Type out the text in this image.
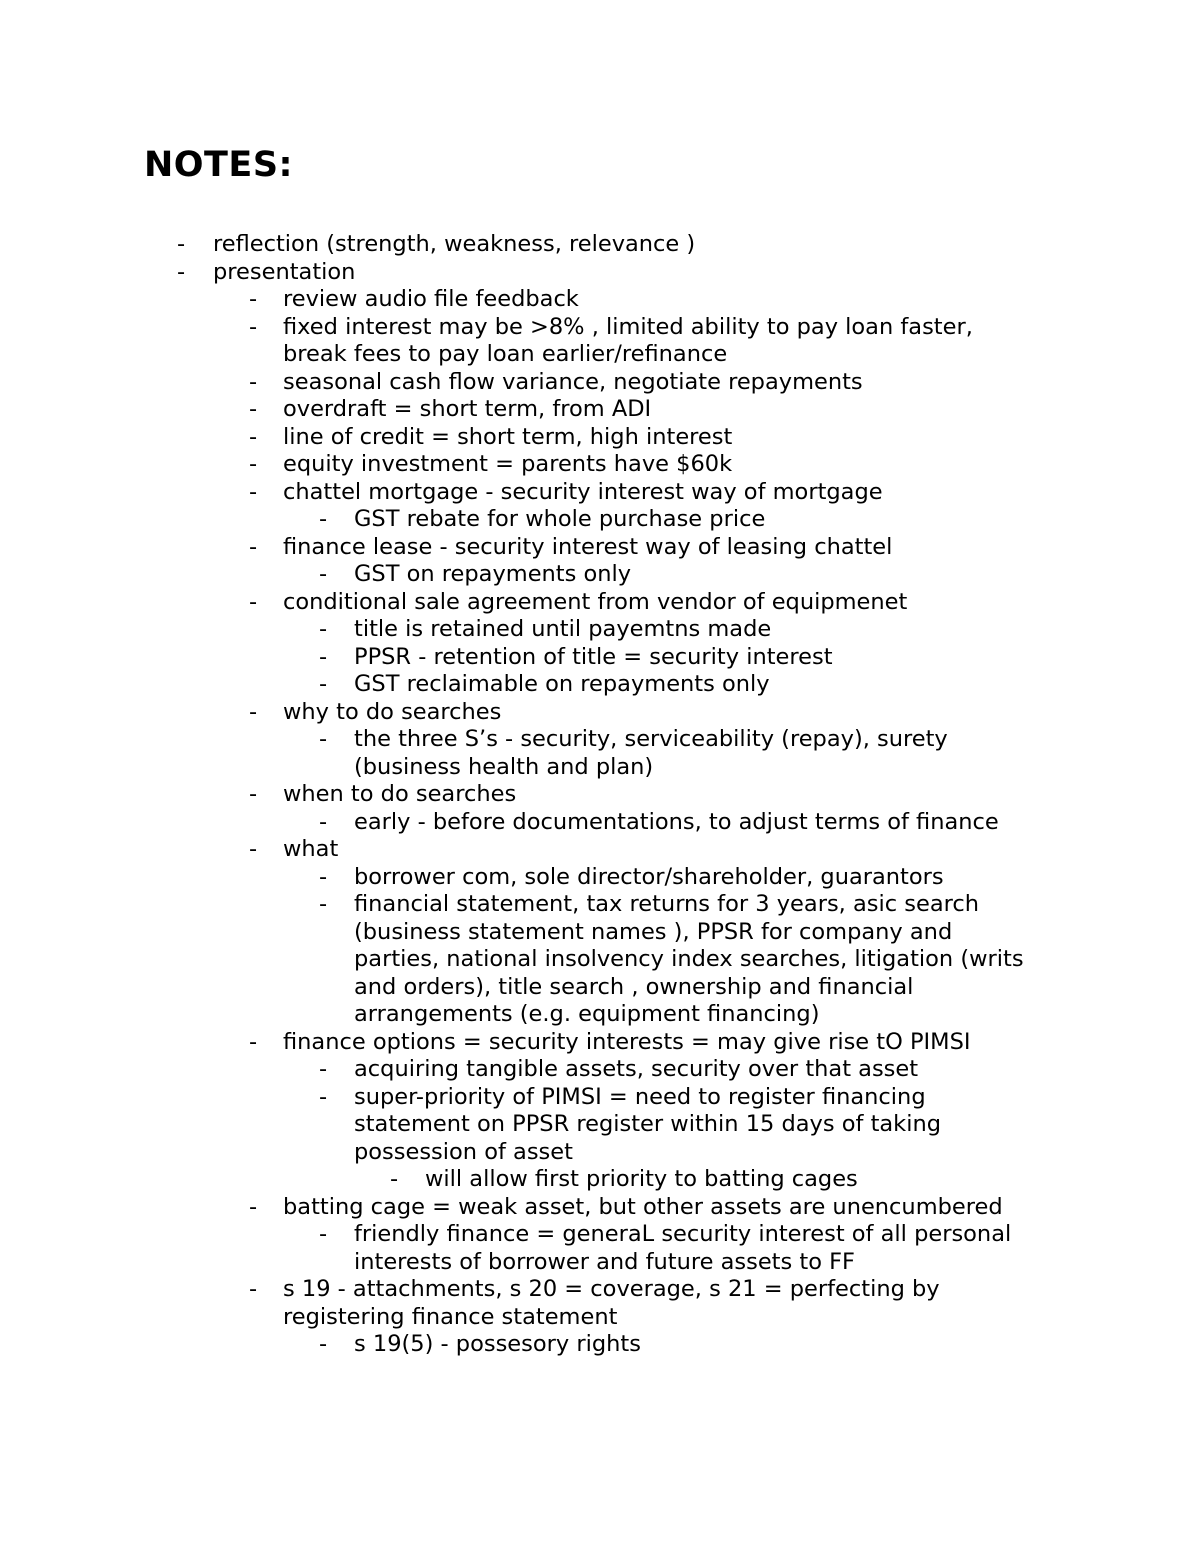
NOTES:
- reflection (strength, weakness, relevance )
- presentation
- review audio file feedback
- fixed interest may be >8% , limited ability to pay loan faster,
break fees to pay loan earlier/refinance
- seasonal cash flow variance, negotiate repayments
- overdraft = short term, from ADI
- line of credit = short term, high interest
- equity investment = parents have $60k
- chattel mortgage - security interest way of mortgage
- GST rebate for whole purchase price
- finance lease - security interest way of leasing chattel
- GST on repayments only
- conditional sale agreement from vendor of equipmenet
- title is retained until payemtns made
- PPSR - retention of title = security interest
- GST reclaimable on repayments only
- why to do searches
- the three S’s - security, serviceability (repay), surety
(business health and plan)
- when to do searches
- early - before documentations, to adjust terms of finance
- what
- borrower com, sole director/shareholder, guarantors
- financial statement, tax returns for 3 years, asic search
(business statement names ), PPSR for company and
parties, national insolvency index searches, litigation (writs
and orders), title search , ownership and financial
arrangements (e.g. equipment financing)
- finance options = security interests = may give rise tO PIMSI
- acquiring tangible assets, security over that asset
- super-priority of PIMSI = need to register financing
statement on PPSR register within 15 days of taking
possession of asset
- will allow first priority to batting cages
- batting cage = weak asset, but other assets are unencumbered
- friendly finance = generaL security interest of all personal
interests of borrower and future assets to FF
- s 19 - attachments, s 20 = coverage, s 21 = perfecting by
registering finance statement
- s 19(5) - possesory rights
